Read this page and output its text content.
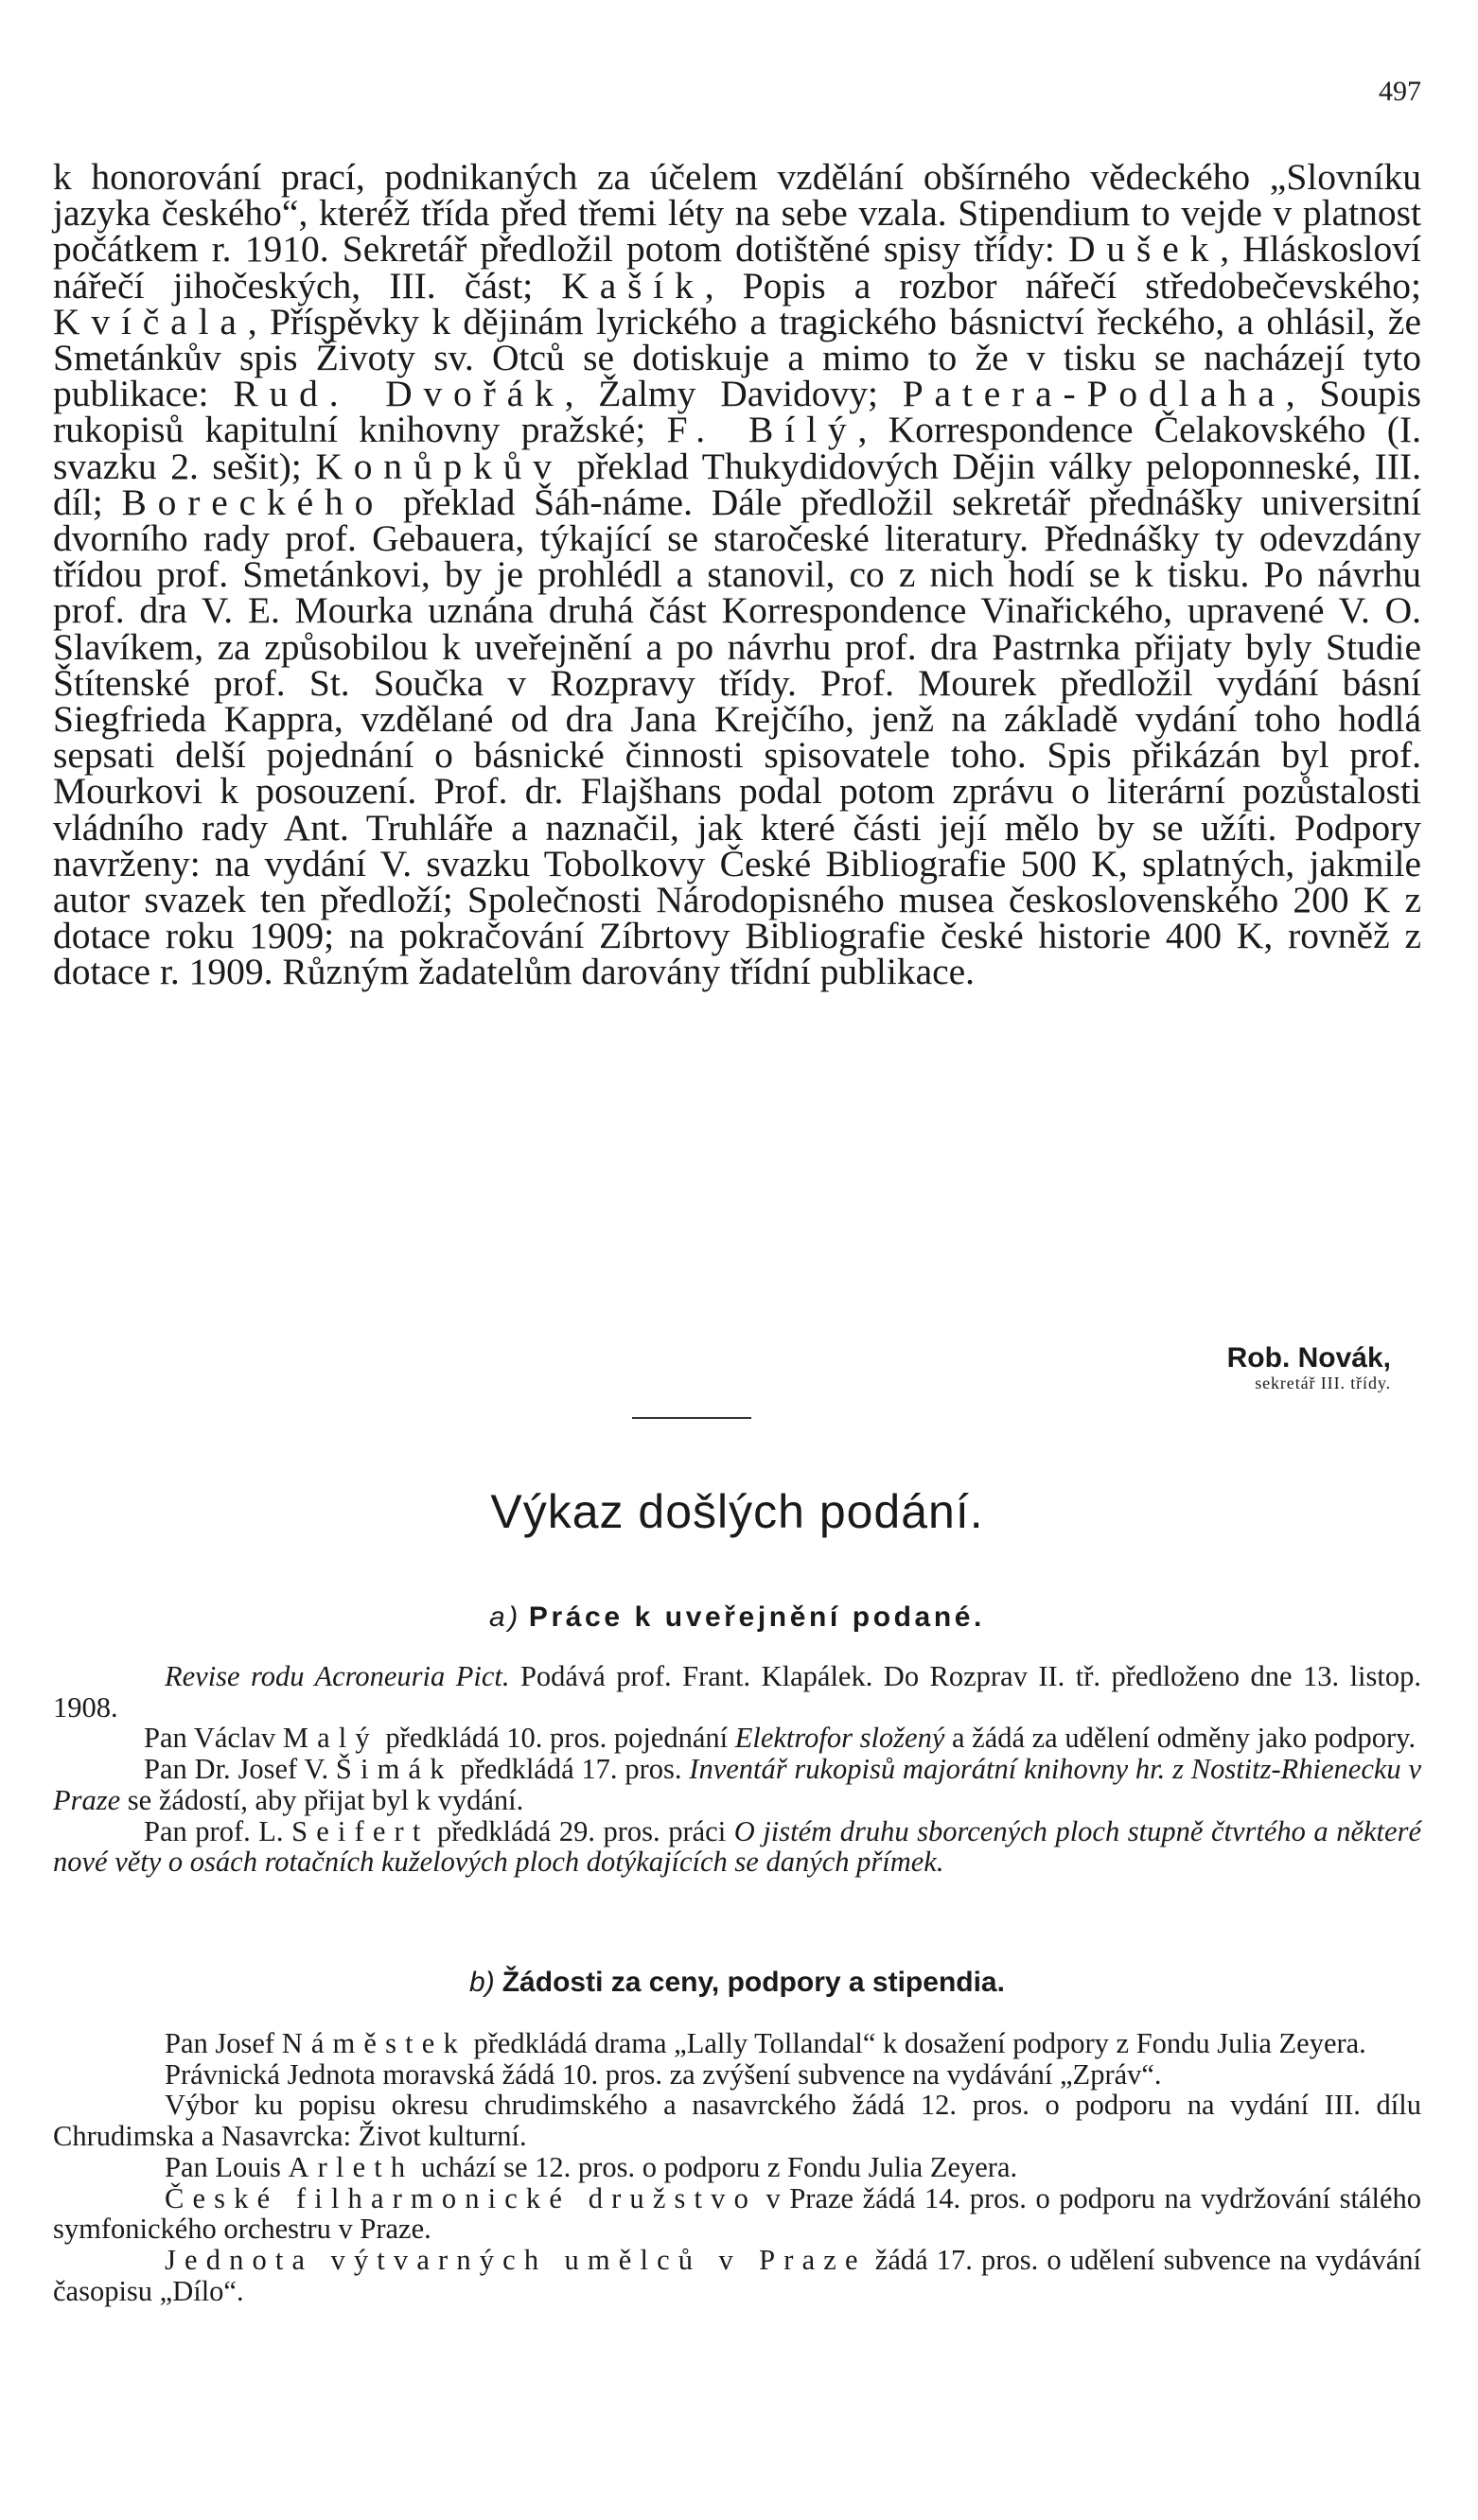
497

k honorování prací, podnikaných za účelem vzdělání obšírného vědeckého „Slovníku jazyka českého“, kteréž třída před třemi léty na sebe vzala. Stipendium to vejde v platnost počátkem r. 1910. Sekretář předložil potom dotištěné spisy třídy: Dušek, Hláskosloví nářečí jihočeských, III. část; Kašík, Popis a rozbor nářečí středobečevského; Kvíčala, Příspěvky k dějinám lyrického a tragického básnictví řeckého, a ohlásil, že Smetánkův spis Životy sv. Otců se dotiskuje a mimo to že v tisku se nacházejí tyto publikace: Rud. Dvořák, Žalmy Davidovy; Patera-Podlaha, Soupis rukopisů kapitulní knihovny pražské; F. Bílý, Korrespondence Čelakovského (I. svazku 2. sešit); Konůpkův překlad Thukydidových Dějin války peloponneské, III. díl; Boreckého překlad Šáh-náme. Dále předložil sekretář přednášky universitní dvorního rady prof. Gebauera, týkající se staročeské literatury. Přednášky ty odevzdány třídou prof. Smetánkovi, by je prohlédl a stanovil, co z nich hodí se k tisku. Po návrhu prof. dra V. E. Mourka uznána druhá část Korrespondence Vinařického, upravené V. O. Slavíkem, za způsobilou k uveřejnění a po návrhu prof. dra Pastrnka přijaty byly Studie Štítenské prof. St. Součka v Rozpravy třídy. Prof. Mourek předložil vydání básní Siegfrieda Kappra, vzdělané od dra Jana Krejčího, jenž na základě vydání toho hodlá sepsati delší pojednání o básnické činnosti spisovatele toho. Spis přikázán byl prof. Mourkovi k posouzení. Prof. dr. Flajšhans podal potom zprávu o literární pozůstalosti vládního rady Ant. Truhláře a naznačil, jak které části její mělo by se užíti. Podpory navrženy: na vydání V. svazku Tobolkovy České Bibliografie 500 K, splatných, jakmile autor svazek ten předloží; Společnosti Národopisného musea československého 200 K z dotace roku 1909; na pokračování Zíbrtovy Bibliografie české historie 400 K, rovněž z dotace r. 1909. Různým žadatelům darovány třídní publikace.

Rob. Novák,
sekretář III. třídy.
Výkaz došlých podání.
a) Práce k uveřejnění podané.

Revise rodu Acroneuria Pict. Podává prof. Frant. Klapálek. Do Rozprav II. tř. předloženo dne 13. listop. 1908.

Pan Václav Malý předkládá 10. pros. pojednání Elektrofor složený a žádá za udělení odměny jako podpory.

Pan Dr. Josef V. Šimák předkládá 17. pros. Inventář rukopisů majorátní knihovny hr. z Nostitz-Rhienecku v Praze se žádostí, aby přijat byl k vydání.

Pan prof. L. Seifert předkládá 29. pros. práci O jistém druhu sborcených ploch stupně čtvrtého a některé nové věty o osách rotačních kuželových ploch dotýkajících se daných přímek.

b) Žádosti za ceny, podpory a stipendia.

Pan Josef Náměstek předkládá drama „Lally Tollandal“ k dosažení podpory z Fondu Julia Zeyera.

Právnická Jednota moravská žádá 10. pros. za zvýšení subvence na vydávání „Zpráv“.

Výbor ku popisu okresu chrudimského a nasavrckého žádá 12. pros. o podporu na vydání III. dílu Chrudimska a Nasavrcka: Život kulturní.

Pan Louis Arleth uchází se 12. pros. o podporu z Fondu Julia Zeyera.

České filharmonické družstvo v Praze žádá 14. pros. o podporu na vydržování stálého symfonického orchestru v Praze.

Jednota výtvarných umělců v Praze žádá 17. pros. o udělení subvence na vydávání časopisu „Dílo“.
